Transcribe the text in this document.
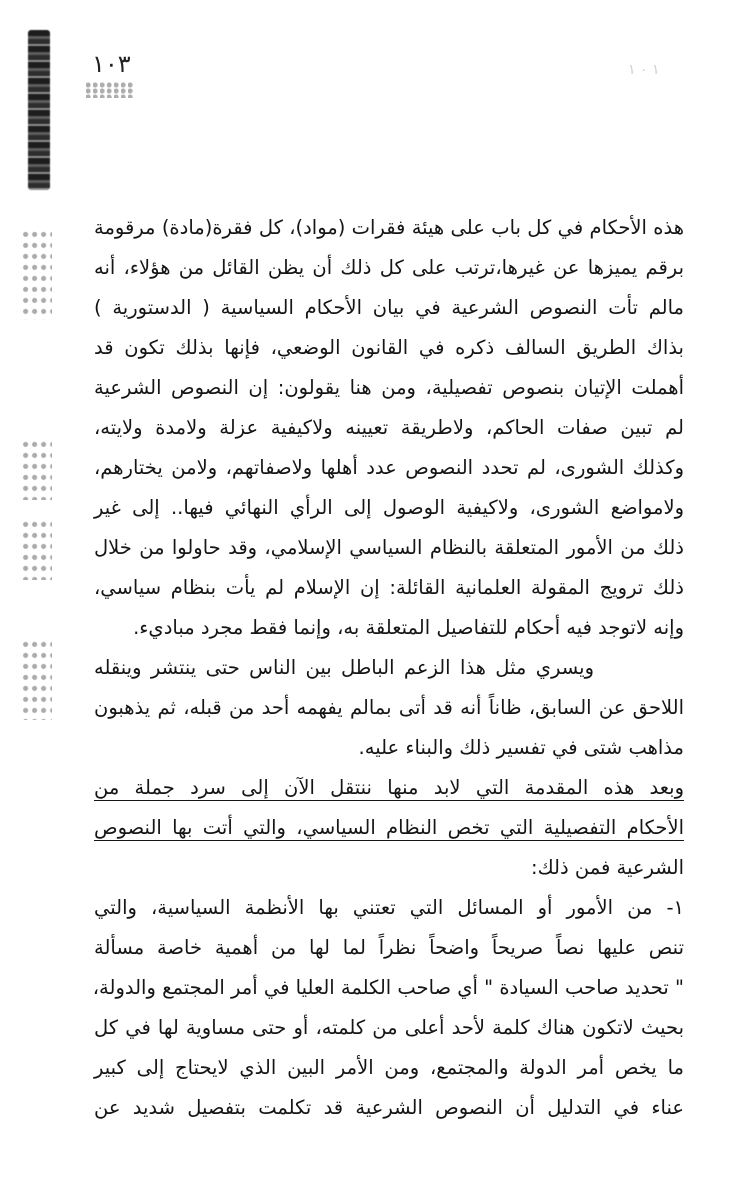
١٠٣	١ ٠ ١

هذه الأحكام في كل باب على هيئة فقرات (مواد)، كل فقرة(مادة) مرقومة
برقم يميزها عن غيرها،ترتب على كل ذلك أن يظن القائل من هؤلاء، أنه
مالم تأت النصوص الشرعية في بيان الأحكام السياسية ( الدستورية )
بذاك الطريق السالف ذكره في القانون الوضعي، فإنها بذلك تكون قد
أهملت الإتيان بنصوص تفصيلية، ومن هنا يقولون: إن النصوص الشرعية
لم تبين صفات الحاكم، ولاطريقة تعيينه ولاكيفية عزلة ولامدة ولايته،
وكذلك الشورى، لم تحدد النصوص عدد أهلها ولاصفاتهم، ولامن يختارهم،
ولامواضع الشورى، ولاكيفية الوصول إلى الرأي النهائي فيها.. إلى غير
ذلك من الأمور المتعلقة بالنظام السياسي الإسلامي، وقد حاولوا من خلال
ذلك ترويج المقولة العلمانية القائلة: إن الإسلام لم يأت بنظام سياسي،
وإنه لاتوجد فيه أحكام للتفاصيل المتعلقة به، وإنما فقط مجرد مباديء.

ويسري مثل هذا الزعم الباطل بين الناس حتى ينتشر وينقله
اللاحق عن السابق، ظاناً أنه قد أتى بمالم يفهمه أحد من قبله، ثم يذهبون
مذاهب شتى في تفسير ذلك والبناء عليه.

وبعد هذه المقدمة التي لابد منها ننتقل الآن إلى سرد جملة من
الأحكام التفصيلية التي تخص النظام السياسي، والتي أتت بها النصوص
الشرعية فمن ذلك:

١- من الأمور أو المسائل التي تعتني بها الأنظمة السياسية، والتي
تنص عليها نصاً صريحاً واضحاً نظراً لما لها من أهمية خاصة مسألة
" تحديد صاحب السيادة " أي صاحب الكلمة العليا في أمر المجتمع والدولة،
بحيث لاتكون هناك كلمة لأحد أعلى من كلمته، أو حتى مساوية لها في كل
ما يخص أمر الدولة والمجتمع، ومن الأمر البين الذي لايحتاج إلى كبير
عناء في التدليل أن النصوص الشرعية قد تكلمت بتفصيل شديد عن
